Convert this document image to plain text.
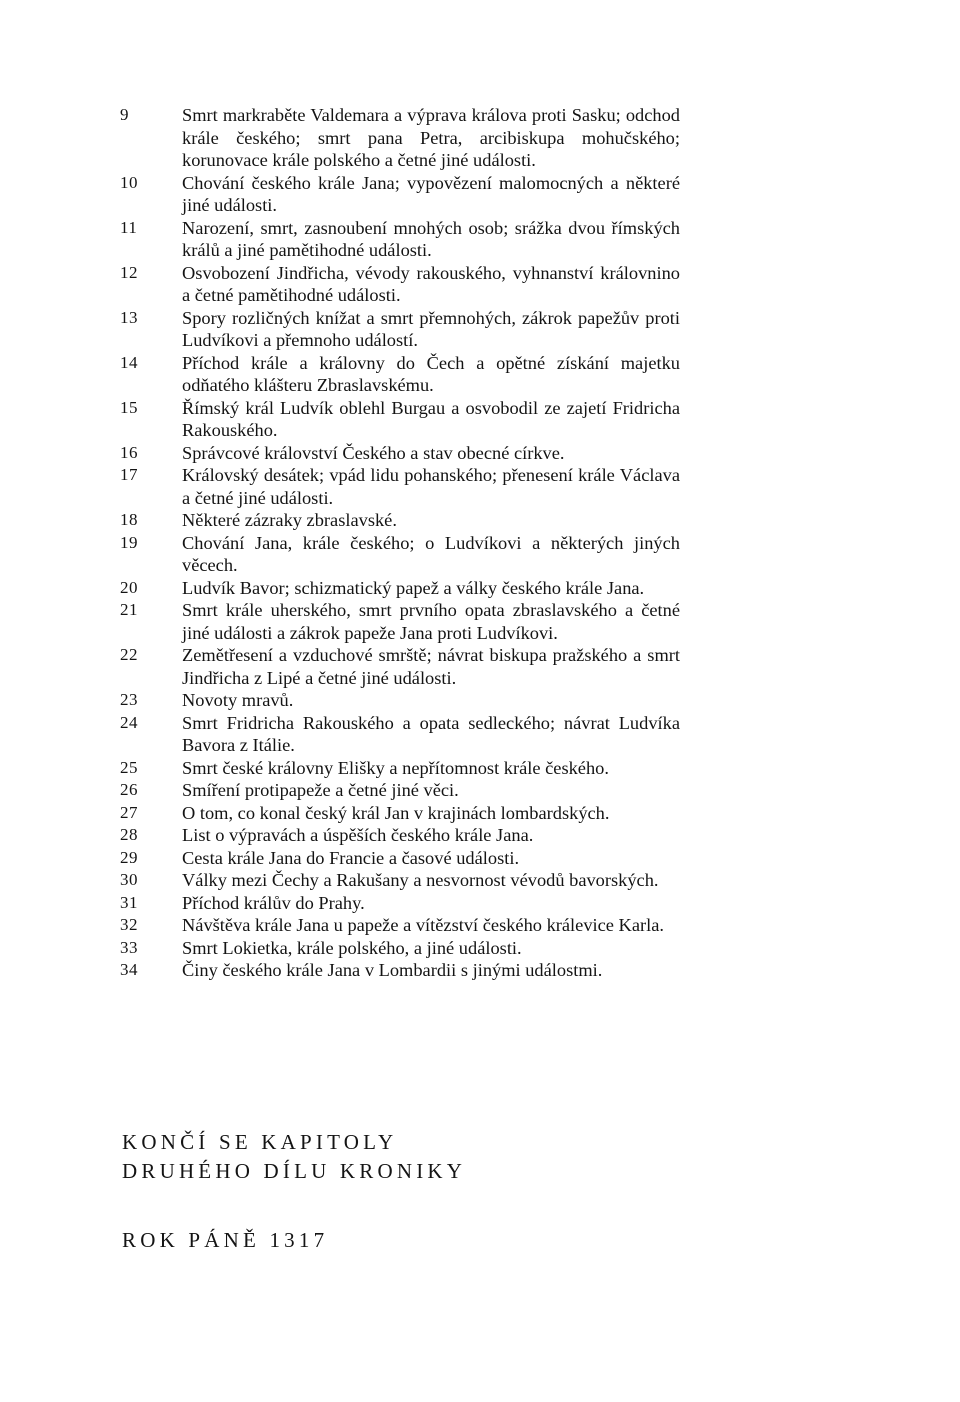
9	Smrt markraběte Valdemara a výprava králova proti Sasku; odchod krále českého; smrt pana Petra, arcibiskupa mohučského; korunovace krále polského a četné jiné události.
10	Chování českého krále Jana; vypovězení malomocných a některé jiné události.
11	Narození, smrt, zasnoubení mnohých osob; srážka dvou římských králů a jiné pamětihodné události.
12	Osvobození Jindřicha, vévody rakouského, vyhnanství královnino a četné pamětihodné události.
13	Spory rozličných knížat a smrt přemnohých, zákrok papežův proti Ludvíkovi a přemnoho událostí.
14	Příchod krále a královny do Čech a opětné získání majetku odňatého klášteru Zbraslavskému.
15	Římský král Ludvík oblehl Burgau a osvobodil ze zajetí Fridricha Rakouského.
16	Správcové království Českého a stav obecné církve.
17	Královský desátek; vpád lidu pohanského; přenesení krále Václava a četné jiné události.
18	Některé zázraky zbraslavské.
19	Chování Jana, krále českého; o Ludvíkovi a některých jiných věcech.
20	Ludvík Bavor; schizmatický papež a války českého krále Jana.
21	Smrt krále uherského, smrt prvního opata zbraslavského a četné jiné události a zákrok papeže Jana proti Ludvíkovi.
22	Zemětřesení a vzduchové smrště; návrat biskupa pražského a smrt Jindřicha z Lipé a četné jiné události.
23	Novoty mravů.
24	Smrt Fridricha Rakouského a opata sedleckého; návrat Ludvíka Bavora z Itálie.
25	Smrt české královny Elišky a nepřítomnost krále českého.
26	Smíření protipapeže a četné jiné věci.
27	O tom, co konal český král Jan v krajinách lombardských.
28	List o výpravách a úspěších českého krále Jana.
29	Cesta krále Jana do Francie a časové události.
30	Války mezi Čechy a Rakušany a nesvornost vévodů bavorských.
31	Příchod králův do Prahy.
32	Návštěva krále Jana u papeže a vítězství českého králevice Karla.
33	Smrt Lokietka, krále polského, a jiné události.
34	Činy českého krále Jana v Lombardii s jinými událostmi.
KONČÍ SE KAPITOLY
DRUHÉHO DÍLU KRONIKY
ROK PÁNĚ 1317
